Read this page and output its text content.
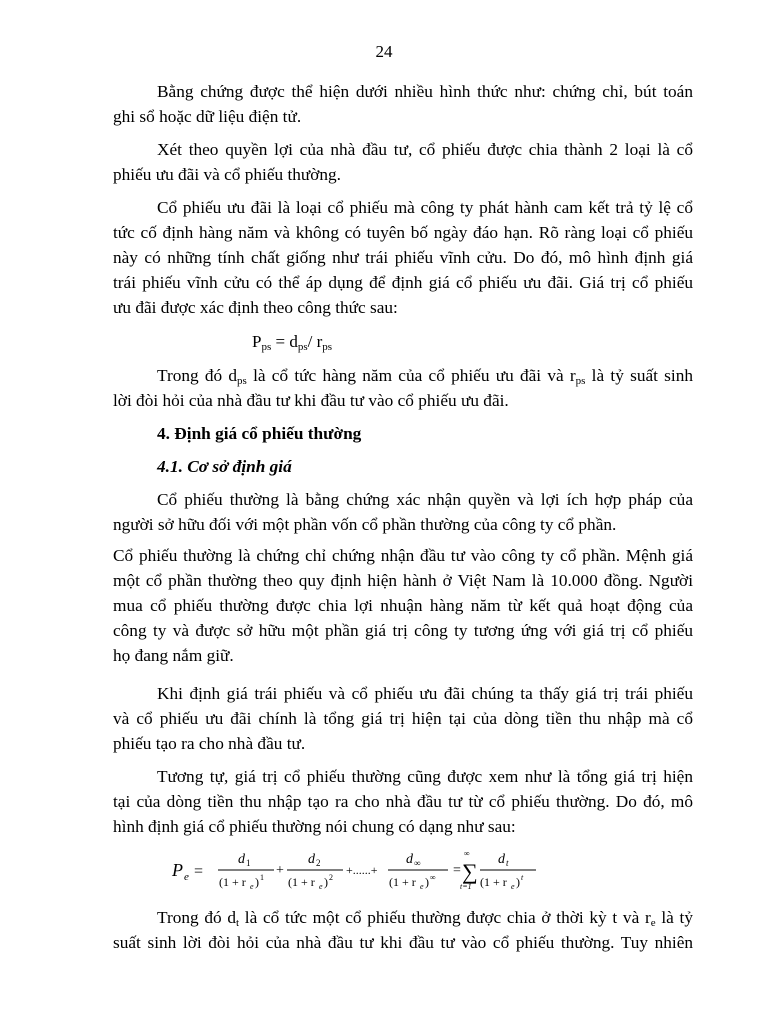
24
Bằng chứng được thể hiện dưới nhiều hình thức như: chứng chỉ, bút toán
ghi sổ hoặc dữ liệu điện tử.
Xét theo quyền lợi của nhà đầu tư, cổ phiếu được chia thành 2 loại là cổ
phiếu ưu đãi và cổ phiếu thường.
Cổ phiếu ưu đãi là loại cổ phiếu mà công ty phát hành cam kết trả tỷ lệ cổ
tức cố định hàng năm và không có tuyên bố ngày đáo hạn. Rõ ràng loại cổ phiếu
này có những tính chất giống như trái phiếu vĩnh cửu. Do đó, mô hình định giá
trái phiếu vĩnh cửu có thể áp dụng để định giá cổ phiếu ưu đãi. Giá trị cổ phiếu
ưu đãi được xác định theo công thức sau:
$P_{ps} = d_{ps}/$ $r_{ps}$
Trong đó $d_{ps}$ là cổ tức hàng năm của cổ phiếu ưu đãi và $r_{ps}$ là tỷ suất sinh
lời đòi hỏi của nhà đầu tư khi đầu tư vào cổ phiếu ưu đãi.
4. Định giá cổ phiếu thường
4.1. Cơ sở định giá
Cổ phiếu thường là bằng chứng xác nhận quyền và lợi ích hợp pháp của
người sở hữu đối với một phần vốn cổ phần thường của công ty cổ phần.
Cổ phiếu thường là chứng chỉ chứng nhận đầu tư vào công ty cổ phần. Mệnh giá
một cổ phần thường theo quy định hiện hành ở Việt Nam là 10.000 đồng. Người
mua cổ phiếu thường được chia lợi nhuận hàng năm từ kết quả hoạt động của
công ty và được sở hữu một phần giá trị công ty tương ứng với giá trị cổ phiếu
họ đang nắm giữ.
Khi định giá trái phiếu và cổ phiếu ưu đãi chúng ta thấy giá trị trái phiếu
và cổ phiếu ưu đãi chính là tổng giá trị hiện tại của dòng tiền thu nhập mà cổ
phiếu tạo ra cho nhà đầu tư.
Tương tự, giá trị cổ phiếu thường cũng được xem như là tổng giá trị hiện
tại của dòng tiền thu nhập tạo ra cho nhà đầu tư từ cổ phiếu thường. Do đó, mô
hình định giá cổ phiếu thường nói chung có dạng như sau:
P e =
d 1
(1 + r e ) 1 +
d 2
(1 + r e ) 2
+......+
d ∞
(1 + r e ) ∞ =
∞
∑
t=1
d t
(1 + r e ) t
Trong đó $d_t$ là cổ tức một cổ phiếu thường được chia ở thời kỳ t và $r_e$ là tỷ
suất sinh lời đòi hỏi của nhà đầu tư khi đầu tư vào cổ phiếu thường. Tuy nhiên
